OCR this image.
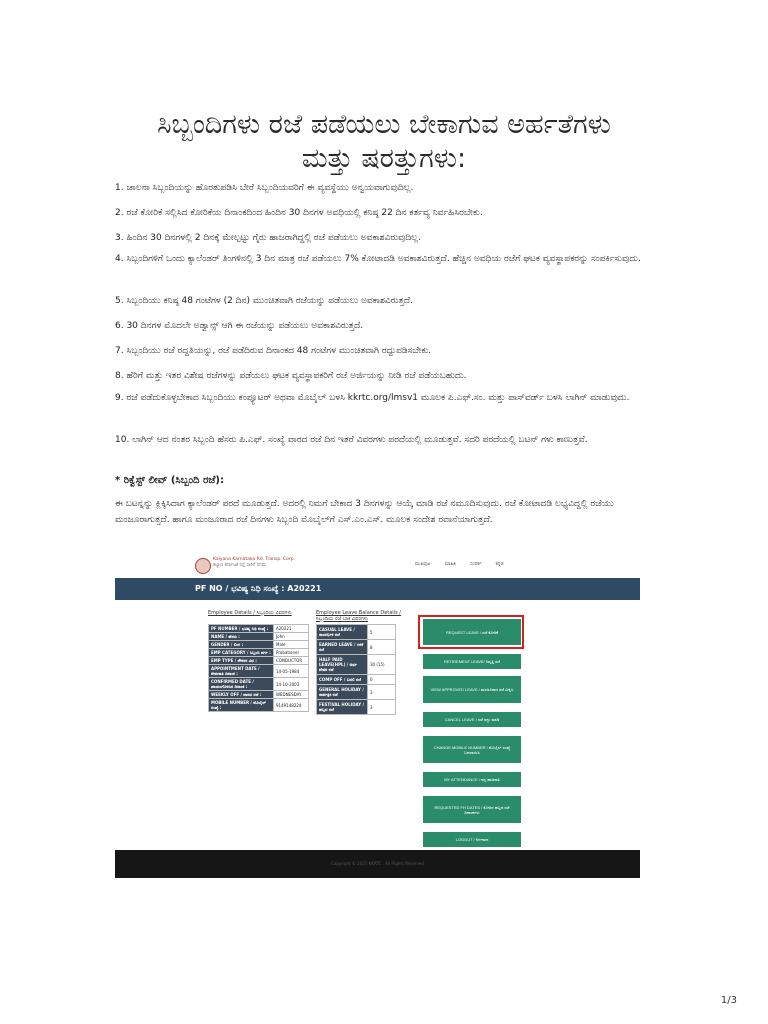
ಸಿಬ್ಬಂದಿಗಳು ರಜೆ ಪಡೆಯಲು ಬೇಕಾಗುವ ಅರ್ಹತೆಗಳು
ಮತ್ತು ಷರತ್ತುಗಳು:

1. ಚಾಲನಾ ಸಿಬ್ಬಂದಿಯನ್ನು ಹೊರತುಪಡಿಸಿ ಬೇರೆ ಸಿಬ್ಬಂದಿಯವರಿಗೆ ಈ ವ್ಯವಸ್ಥೆಯು ಅನ್ವಯವಾಗುವುದಿಲ್ಲ.

2. ರಜೆ ಕೋರಿಕೆ ಸಲ್ಲಿಸಿದ ಕೋರಿಕೆಯ ದಿನಾಂಕದಿಂದ ಹಿಂದಿನ 30 ದಿನಗಳ ಅವಧಿಯಲ್ಲಿ ಕನಿಷ್ಠ 22 ದಿನ ಕರ್ತವ್ಯ ನಿರ್ವಹಿಸಿರಬೇಕು.

3. ಹಿಂದಿನ 30 ದಿನಗಳಲ್ಲಿ 2 ದಿನಕ್ಕೆ ಮೇಲ್ಪಟ್ಟು ಗೈರು ಹಾಜರಾಗಿದ್ದಲ್ಲಿ ರಜೆ ಪಡೆಯಲು ಅವಕಾಶವಿರುವುದಿಲ್ಲ.

4. ಸಿಬ್ಬಂದಿಗಳಿಗೆ ಒಂದು ಕ್ಯಾಲೆಂಡರ್ ತಿಂಗಳಿನಲ್ಲಿ 3 ದಿನ ಮಾತ್ರ ರಜೆ ಪಡೆಯಲು 7% ಕೋಟಾದಡಿ ಅವಕಾಶವಿರುತ್ತದೆ. ಹೆಚ್ಚಿನ ಅವಧಿಯ ರಜೆಗೆ ಘಟಕ ವ್ಯವಸ್ಥಾಪಕರನ್ನು ಸಂಪರ್ಕಿಸುವುದು.

5. ಸಿಬ್ಬಂದಿಯು ಕನಿಷ್ಠ 48 ಗಂಟೆಗಳ (2 ದಿನ) ಮುಂಚಿತವಾಗಿ ರಜೆಯನ್ನು ಪಡೆಯಲು ಅವಕಾಶವಿರುತ್ತದೆ.

6. 30 ದಿನಗಳ ಮೊದಲೇ ಅಡ್ವಾನ್ಸ್ ಆಗಿ ಈ ರಜೆಯನ್ನು ಪಡೆಯಲು ಅವಕಾಶವಿರುತ್ತದೆ.

7. ಸಿಬ್ಬಂದಿಯು ರಜೆ ರದ್ದತಿಯನ್ನು, ರಜೆ ಪಡೆದಿರುವ ದಿನಾಂಕದ 48 ಗಂಟೆಗಳ ಮುಂಚಿತವಾಗಿ ರದ್ದುಪಡಿಸಬೇಕು.

8. ಹೆರಿಗೆ ಮತ್ತು ಇತರ ವಿಶೇಷ ರಜೆಗಳನ್ನು ಪಡೆಯಲು ಘಟಕ ವ್ಯವಸ್ಥಾಪಕರಿಗೆ ರಜೆ ಅರ್ಜಿಯನ್ನು ನೀಡಿ ರಜೆ ಪಡೆಯಬಹುದು.

9. ರಜೆ ಪಡೆದುಕೊಳ್ಳಬೇಕಾದ ಸಿಬ್ಬಂದಿಯು ಕಂಪ್ಯೂಟರ್ ಅಥವಾ ಮೊಬೈಲ್ ಬಳಸಿ kkrtc.org/lmsv1 ಮೂಲಕ ಪಿ.ಎಫ್.ಸಂ. ಮತ್ತು ಪಾಸ್‌ವರ್ಡ್ ಬಳಸಿ ಲಾಗಿನ್ ಮಾಡುವುದು.

10. ಲಾಗಿನ್ ಆದ ನಂತರ ಸಿಬ್ಬಂದಿ ಹೆಸರು ಪಿ.ಎಫ್. ಸಂಖ್ಯೆ ವಾರದ ರಜೆ ದಿನ ಇತರೆ ವಿವರಗಳು ಪರದೆಯಲ್ಲಿ ಮೂಡುತ್ತವೆ. ಸದರಿ ಪರದೆಯಲ್ಲಿ ಬಟನ್ ಗಳು ಕಾಣುತ್ತವೆ.

* ರಿಕ್ವೆಸ್ಟ್ ಲೀವ್ (ಸಿಬ್ಬಂದಿ ರಜೆ):

ಈ ಬಟನ್ನನ್ನು ಕ್ಲಿಕ್ಕಿಸಿದಾಗ ಕ್ಯಾಲೆಂಡರ್ ಪರದೆ ಮೂಡುತ್ತದೆ. ಅದರಲ್ಲಿ ನಿಮಗೆ ಬೇಕಾದ 3 ದಿನಗಳನ್ನು ಆಯ್ಕೆ ಮಾಡಿ ರಜೆ ನಮೂದಿಸುವುದು. ರಜೆ ಕೋಟಾದಡಿ ಲಭ್ಯವಿದ್ದಲ್ಲಿ ರಜೆಯು ಮಂಜೂರಾಗುತ್ತದೆ. ಹಾಗೂ ಮಂಜೂರಾದ ರಜೆ ದಿನಗಳು ಸಿಬ್ಬಂದಿ ಮೊಬೈಲ್‌ಗೆ ಎಸ್.ಎಂ.ಎಸ್. ಮೂಲಕ ಸಂದೇಶ ರವಾನೆಯಾಗುತ್ತದೆ.

Kalyana Karnataka Rd. Transp. Corp.
ಕಲ್ಯಾಣ ಕರ್ನಾಟಕ ರಸ್ತೆ ಸಾರಿಗೆ ನಿಗಮ	ಮುಖಪುಟ	ಮಾಹಿತಿ	ಸಂಪರ್ಕ	ಕನ್ನಡ

PF NO / ಭವಿಷ್ಯ ನಿಧಿ ಸಂಖ್ಯೆ : A20221

Employee Details / ಸಿಬ್ಬಂದಿಯ ವಿವರಗಳು	Employee Leave Balance Details / ಸಿಬ್ಬಂದಿಯ ರಜೆ ಬಾಕಿ ವಿವರಗಳು
PF NUMBER / ಭವಿಷ್ಯ ನಿಧಿ ಸಂಖ್ಯೆ :	A20221
NAME / ಹೆಸರು :	John
GENDER / ಲಿಂಗ :	Male
EMP CATEGORY / ಸಿಬ್ಬಂದಿ ವರ್ಗ :	Probationer
EMP TYPE / ನೌಕರರ ವಿಧ :	CONDUCTOR
APPOINTMENT DATE / ನೇಮಕಾತಿ ದಿನಾಂಕ :	14-05-1984
CONFIRMED DATE / ಖಾಯಂಗೊಳಿಸಿದ ದಿನಾಂಕ :	14-10-2003
WEEKLY OFF / ವಾರದ ರಜೆ :	WEDNESDAY
MOBILE NUMBER / ಮೊಬೈಲ್ ಸಂಖ್ಯೆ :	9149148224
CASUAL LEAVE / ಸಾಂದರ್ಭಿಕ ರಜೆ	5
EARNED LEAVE / ಗಳಿಕೆ ರಜೆ	8
HALF PAID LEAVE(HPL) / ಅರ್ಧ ವೇತನ ರಜೆ	30 (15)
COMP OFF / ಬದಲಿ ರಜೆ	0
GENERAL HOLIDAY / ಸಾರ್ವತ್ರಿಕ ರಜೆ	3
FESTIVAL HOLIDAY / ಹಬ್ಬದ ರಜೆ	3
REQUEST LEAVE / ರಜೆ ಕೋರಿಕೆ
RETIREMENT LEAVE/ ನಿವೃತ್ತಿ ರಜೆ
VIEW APPROVED LEAVE / ಮಂಜೂರಾದ ರಜೆ ವೀಕ್ಷಿಸಿ
CANCEL LEAVE / ರಜೆ ರದ್ದು ಮಾಡಿ
CHANGE MOBILE NUMBER / ಮೊಬೈಲ್ ಸಂಖ್ಯೆ ಬದಲಾಯಿಸಿ
MY ATTENDANCE / ನನ್ನ ಹಾಜರಾತಿ
REQUESTED FH DATES / ಕೋರಿದ ಹಬ್ಬದ ರಜೆ ದಿನಾಂಕಗಳು
LOGOUT / ನಿರ್ಗಮನ
Copyright © 2021 KKRTC . All Rights Reserved
1/3
